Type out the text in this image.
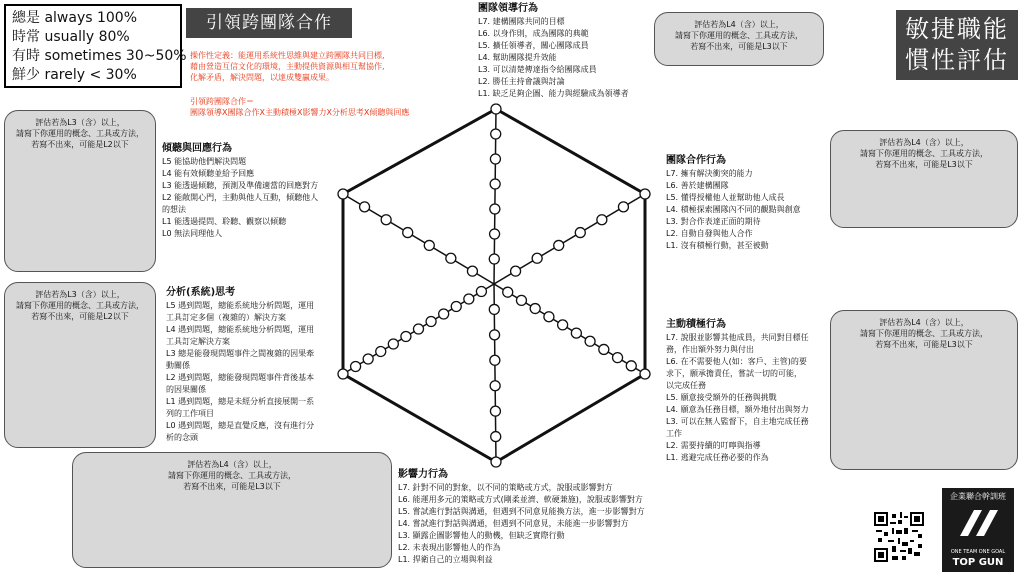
總是 always 100%
時常 usually 80%
有時 sometimes 30~50%
鮮少 rarely < 30%
引領跨團隊合作
操作性定義：能運用系統性思維與建立跨團隊共同目標,
藉由營造互信文化的環境，主動提供資源與相互幫協作,
化解矛盾，解決問題，以達成雙贏成果。
引領跨團隊合作＝
團隊領導X團隊合作X主動積極X影響力X分析思考X傾聽與回應
敏捷職能
慣性評估
評估若為L4（含）以上，
請寫下你運用的概念、工具或方法，
若寫不出來，可能是L3以下
評估若為L4（含）以上，
請寫下你運用的概念、工具或方法，
若寫不出來，可能是L3以下
評估若為L4（含）以上，
請寫下你運用的概念、工具或方法，
若寫不出來，可能是L3以下
評估若為L3（含）以上，
請寫下你運用的概念、工具或方法，
若寫不出來，可能是L2以下
評估若為L3（含）以上，
請寫下你運用的概念、工具或方法，
若寫不出來，可能是L2以下
評估若為L4（含）以上，
請寫下你運用的概念、工具或方法，
若寫不出來，可能是L3以下
團隊領導行為
L7. 建構團隊共同的目標
L6. 以身作則，成為團隊的典範
L5. 擴任領導者，關心團隊成員
L4. 幫助團隊提升效能
L3. 可以清楚傳達指令給團隊成員
L2. 勝任主持會議與討論
L1. 缺乏足夠企圖、能力與經驗成為領導者
傾聽與回應行為
L5 能協助他們解決問題
L4 能有效傾聽並給予回應
L3 能透過傾聽，預測及準備適當的回應對方
L2 能敞開心門，主動與他人互動，傾聽他人
的想法
L1 能透過提問、聆聽、觀察以傾聽
L0 無法同理他人
團隊合作行為
L7. 擁有解決衝突的能力
L6. 善於建構團隊
L5. 懂得授權他人並幫助他人成長
L4. 積極探索團隊內不同的觀點與創意
L3. 對合作表達正面的期待
L2. 自動自發與他人合作
L1. 沒有積極行動，甚至被動
分析(系統)思考
L5 遇到問題，總能系統地分析問題，運用
工具訂定多個（複雜的）解決方案
L4 遇到問題，總能系統地分析問題，運用
工具訂定解決方案
L3 總是能發現問題事件之間複雜的因果牽
動關係
L2 遇到問題，總能發現問題事件背後基本
的因果關係
L1 遇到問題，總是未經分析直接展開一系
列的工作項目
L0 遇到問題，總是直覺反應，沒有進行分
析的念頭
主動積極行為
L7. 說服並影響其他成員，共同對目標任
務，作出額外努力與付出
L6. 在不需要他人(如：客戶、主管)的要
求下，願承擔責任，嘗試一切的可能，
以完成任務
L5. 願意接受額外的任務與挑戰
L4. 願意為任務目標，額外地付出與努力
L3. 可以在無人監督下，自主地完成任務
工作
L2. 需要持續的叮嚀與指導
L1. 逃避完成任務必要的作為
影響力行為
L7. 針對不同的對象，以不同的策略或方式，說服或影響對方
L6. 能運用多元的策略或方式(剛柔並濟、軟硬兼施)，說服或影響對方
L5. 嘗試進行對話與溝通，但遇到不同意見能換方法，進一步影響對方
L4. 嘗試進行對話與溝通，但遇到不同意見，未能進一步影響對方
L3. 顯露企圖影響他人的動機，但缺乏實際行動
L2. 未表現出影響他人的作為
L1. 捍衛自己的立場與利益
企業聯合幹訓班
ONE TEAM ONE GOAL
TOP GUN
